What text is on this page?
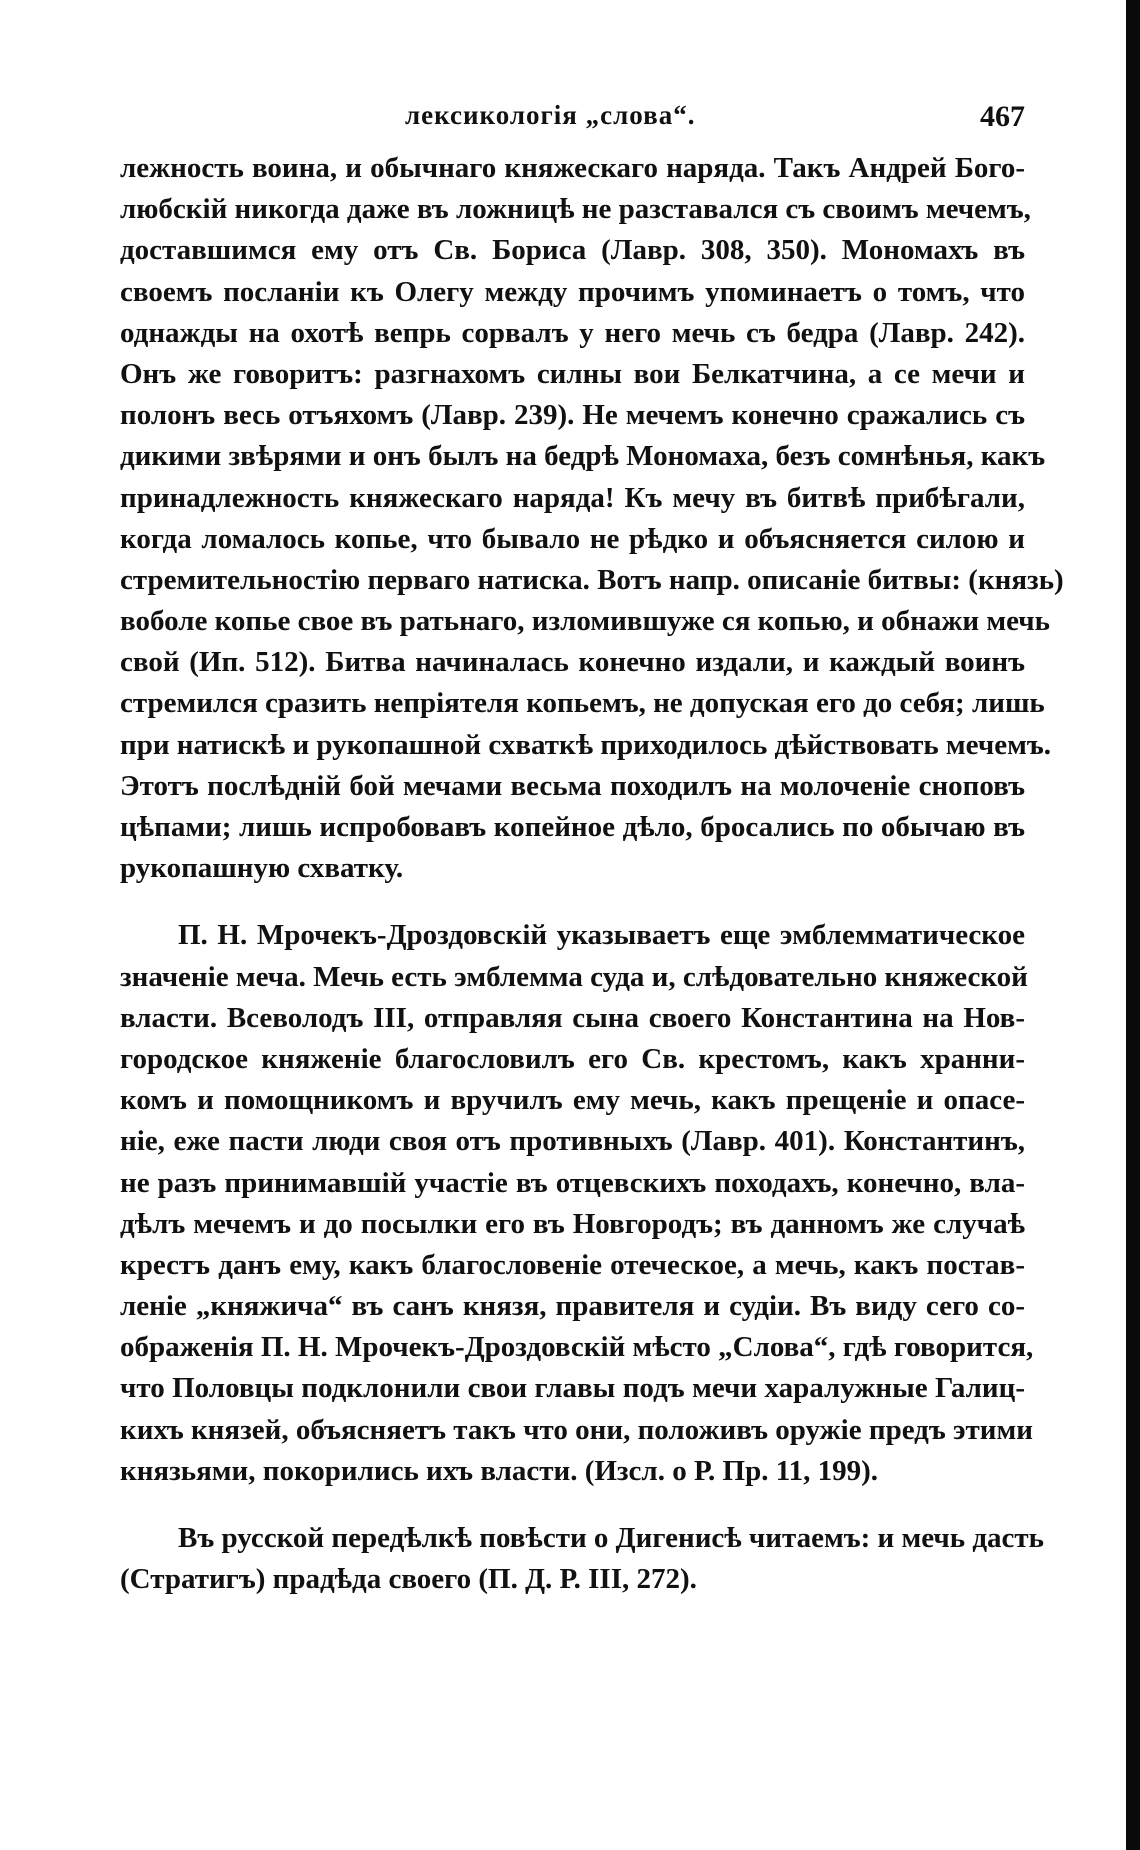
лексикологія „слова“.	467
лежность воина, и обычнаго княжескаго наряда. Такъ Андрей Бого-
любскій никогда даже въ ложницѣ не разставался съ своимъ мечемъ,
доставшимся ему отъ Св. Бориса (Лавр. 308, 350). Мономахъ въ
своемъ посланіи къ Олегу между прочимъ упоминаетъ о томъ, что
однажды на охотѣ вепрь сорвалъ у него мечь съ бедра (Лавр. 242).
Онъ же говоритъ: разгнахомъ силны вои Белкатчина, а се мечи и
полонъ весь отъяхомъ (Лавр. 239). Не мечемъ конечно сражались съ
дикими звѣрями и онъ былъ на бедрѣ Мономаха, безъ сомнѣнья, какъ
принадлежность княжескаго наряда! Къ мечу въ битвѣ прибѣгали,
когда ломалось копье, что бывало не рѣдко и объясняется силою и
стремительностію перваго натиска. Вотъ напр. описаніе битвы: (князь)
воболе копье свое въ ратьнаго, изломившуже ся копью, и обнажи мечь
свой (Ип. 512). Битва начиналась конечно издали, и каждый воинъ
стремился сразить непріятеля копьемъ, не допуская его до себя; лишь
при натискѣ и рукопашной схваткѣ приходилось дѣйствовать мечемъ.
Этотъ послѣдній бой мечами весьма походилъ на молоченіе сноповъ
цѣпами; лишь испробовавъ копейное дѣло, бросались по обычаю въ
рукопашную схватку.
П. Н. Мрочекъ-Дроздовскій указываетъ еще эмблемматическое
значеніе меча. Мечь есть эмблемма суда и, слѣдовательно княжеской
власти. Всеволодъ III, отправляя сына своего Константина на Нов-
городское княженіе благословилъ его Св. крестомъ, какъ хранни-
комъ и помощникомъ и вручилъ ему мечь, какъ прещеніе и опасе-
ніе, еже пасти люди своя отъ противныхъ (Лавр. 401). Константинъ,
не разъ принимавшій участіе въ отцевскихъ походахъ, конечно, вла-
дѣлъ мечемъ и до посылки его въ Новгородъ; въ данномъ же случаѣ
крестъ данъ ему, какъ благословеніе отеческое, а мечь, какъ постав-
леніе „княжича“ въ санъ князя, правителя и судіи. Въ виду сего со-
ображенія П. Н. Мрочекъ-Дроздовскій мѣсто „Слова“, гдѣ говорится,
что Половцы подклонили свои главы подъ мечи харалужные Галиц-
кихъ князей, объясняетъ такъ что они, положивъ оружіе предъ этими
князьями, покорились ихъ власти. (Изсл. о Р. Пр. 11, 199).
Въ русской передѣлкѣ повѣсти о Дигенисѣ читаемъ: и мечь дасть
(Стратигъ) прадѣда своего (П. Д. Р. III, 272).
